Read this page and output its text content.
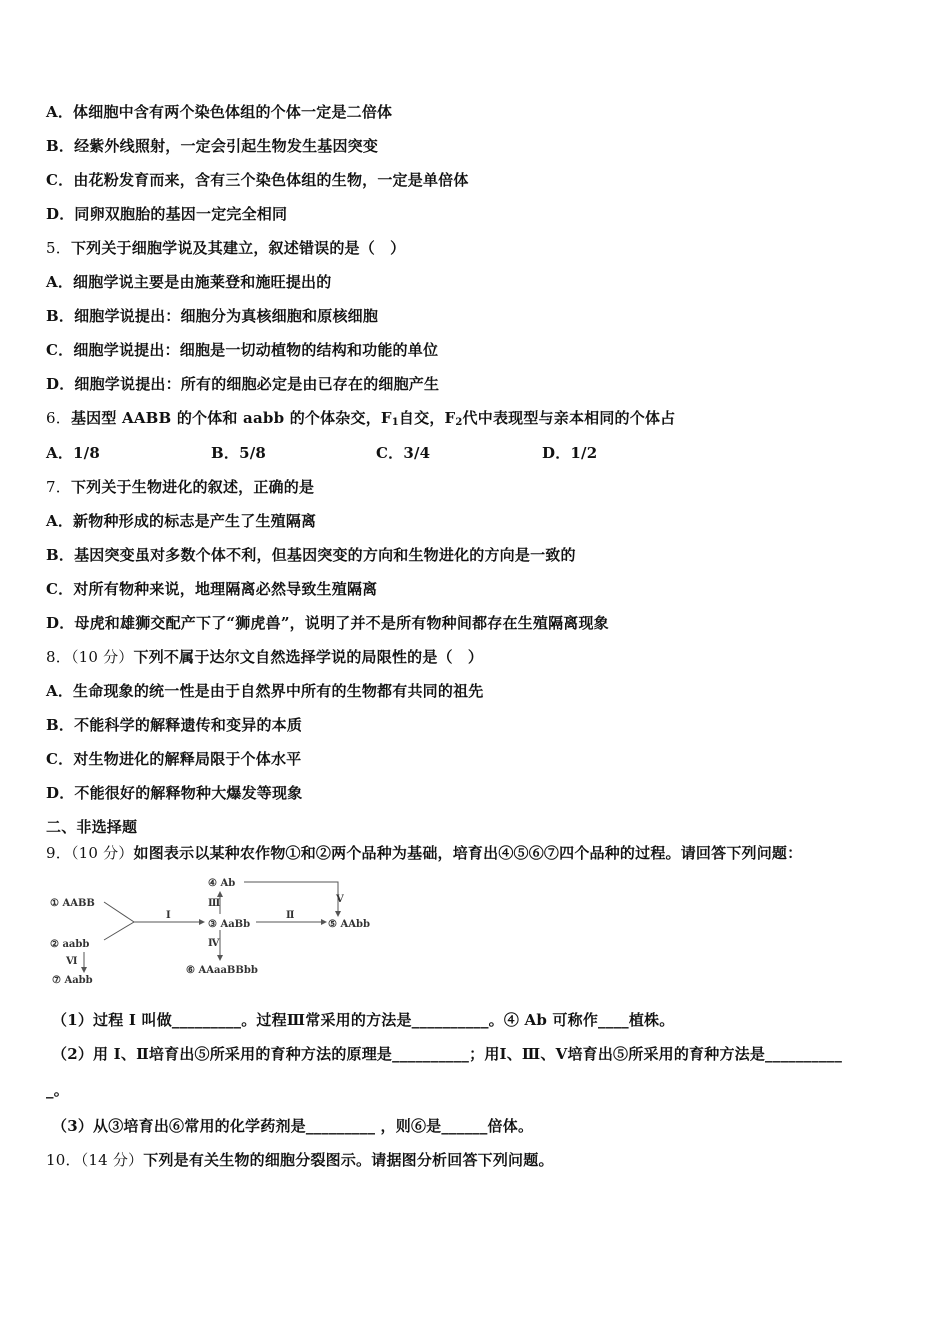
A．体细胞中含有两个染色体组的个体一定是二倍体
B．经紫外线照射，一定会引起生物发生基因突变
C．由花粉发育而来，含有三个染色体组的生物，一定是单倍体
D．同卵双胞胎的基因一定完全相同
5．下列关于细胞学说及其建立，叙述错误的是（　）
A．细胞学说主要是由施莱登和施旺提出的
B．细胞学说提出：细胞分为真核细胞和原核细胞
C．细胞学说提出：细胞是一切动植物的结构和功能的单位
D．细胞学说提出：所有的细胞必定是由已存在的细胞产生
6．基因型 AABB 的个体和 aabb 的个体杂交，$F_1$自交，$F_2$代中表现型与亲本相同的个体占
A．1/8	B．5/8	C．3/4	D．1/2
7．下列关于生物进化的叙述，正确的是
A．新物种形成的标志是产生了生殖隔离
B．基因突变虽对多数个体不利，但基因突变的方向和生物进化的方向是一致的
C．对所有物种来说，地理隔离必然导致生殖隔离
D．母虎和雄狮交配产下了“狮虎兽”，说明了并不是所有物种间都存在生殖隔离现象
8．（10 分）下列不属于达尔文自然选择学说的局限性的是（　）
A．生命现象的统一性是由于自然界中所有的生物都有共同的祖先
B．不能科学的解释遗传和变异的本质
C．对生物进化的解释局限于个体水平
D．不能很好的解释物种大爆发等现象
二、非选择题
9．（10 分）如图表示以某种农作物①和②两个品种为基础，培育出④⑤⑥⑦四个品种的过程。请回答下列问题：
① AABB
② aabb
③ AaBb
④ Ab
⑤ AAbb
⑥ AAaaBBbb
⑦ Aabb
Ⅰ	Ⅱ
Ⅲ
Ⅳ
Ⅴ
Ⅵ
（1）过程 I 叫做_________。过程Ⅲ常采用的方法是__________。④ Ab 可称作____植株。
（2）用 I、Ⅱ培育出⑤所采用的育种方法的原理是__________；用Ⅰ、Ⅲ、Ⅴ培育出⑤所采用的育种方法是__________
_。
（3）从③培育出⑥常用的化学药剂是_________ ，则⑥是______倍体。
10．（14 分）下列是有关生物的细胞分裂图示。请据图分析回答下列问题。
